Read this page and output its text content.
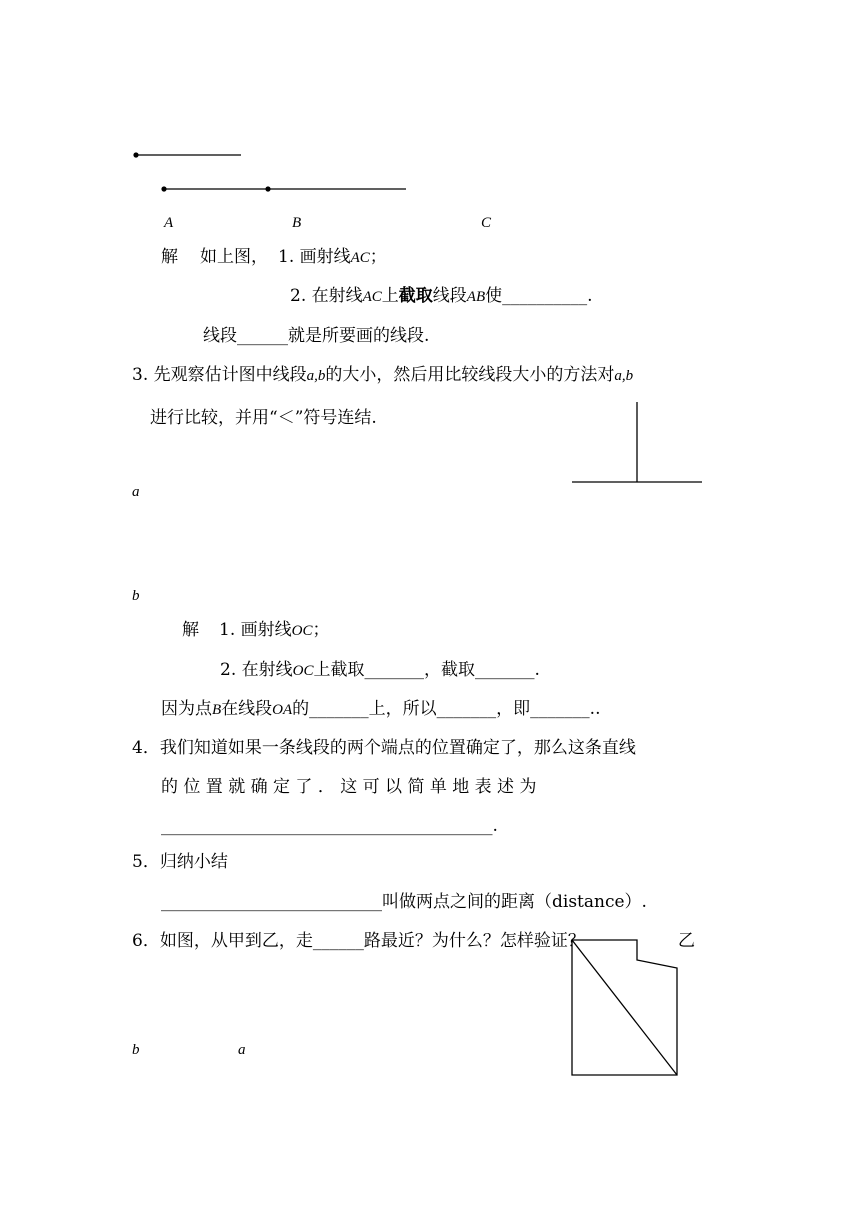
A	B	C
解 如上图， 1. 画射线AC；
2. 在射线AC上截取线段AB使__________.
线段______就是所要画的线段.
3. 先观察估计图中线段a,b的大小，然后用比较线段大小的方法对a,b
进行比较，并用“＜”符号连结.
a
b
解 1. 画射线OC；
2. 在射线OC上截取_______，截取_______.
因为点B在线段OA的_______上，所以_______，即_______..
4．我们知道如果一条线段的两个端点的位置确定了，那么这条直线
的 位 置 就 确 定 了 ． 这 可 以 简 单 地 表 述 为
_______________________________________.
5．归纳小结
__________________________叫做两点之间的距离（distance）.
6．如图，从甲到乙，走______路最近？为什么？怎样验证？	乙
b	a
